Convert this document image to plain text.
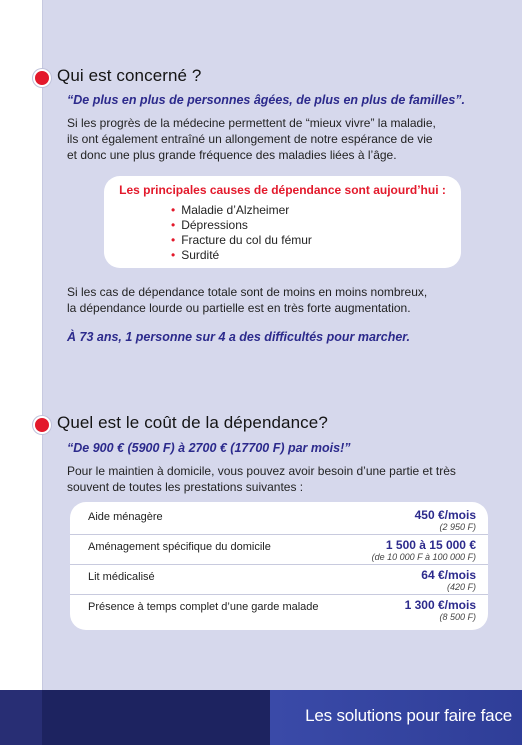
Qui est concerné ?

“De plus en plus de personnes âgées, de plus en plus de familles”.

Si les progrès de la médecine permettent de “mieux vivre” la maladie,
ils ont également entraîné un allongement de notre espérance de vie
et donc une plus grande fréquence des maladies liées à l’âge.

Les principales causes de dépendance sont aujourd’hui :

• Maladie d’Alzheimer
• Dépressions
• Fracture du col du fémur
• Surdité

Si les cas de dépendance totale sont de moins en moins nombreux,
la dépendance lourde ou partielle est en très forte augmentation.

À 73 ans, 1 personne sur 4 a des difficultés pour marcher.

Quel est le coût de la dépendance?

“De 900 € (5900 F) à 2700 € (17700 F) par mois!”

Pour le maintien à domicile, vous pouvez avoir besoin d’une partie et très
souvent de toutes les prestations suivantes :

Aide ménagère	450 €/mois
(2 950 F)
Aménagement spécifique du domicile	1 500 à 15 000 €
(de 10 000 F à 100 000 F)
Lit médicalisé	64 €/mois
(420 F)
Présence à temps complet d’une garde malade	1 300 €/mois
(8 500 F)
Les solutions pour faire face
